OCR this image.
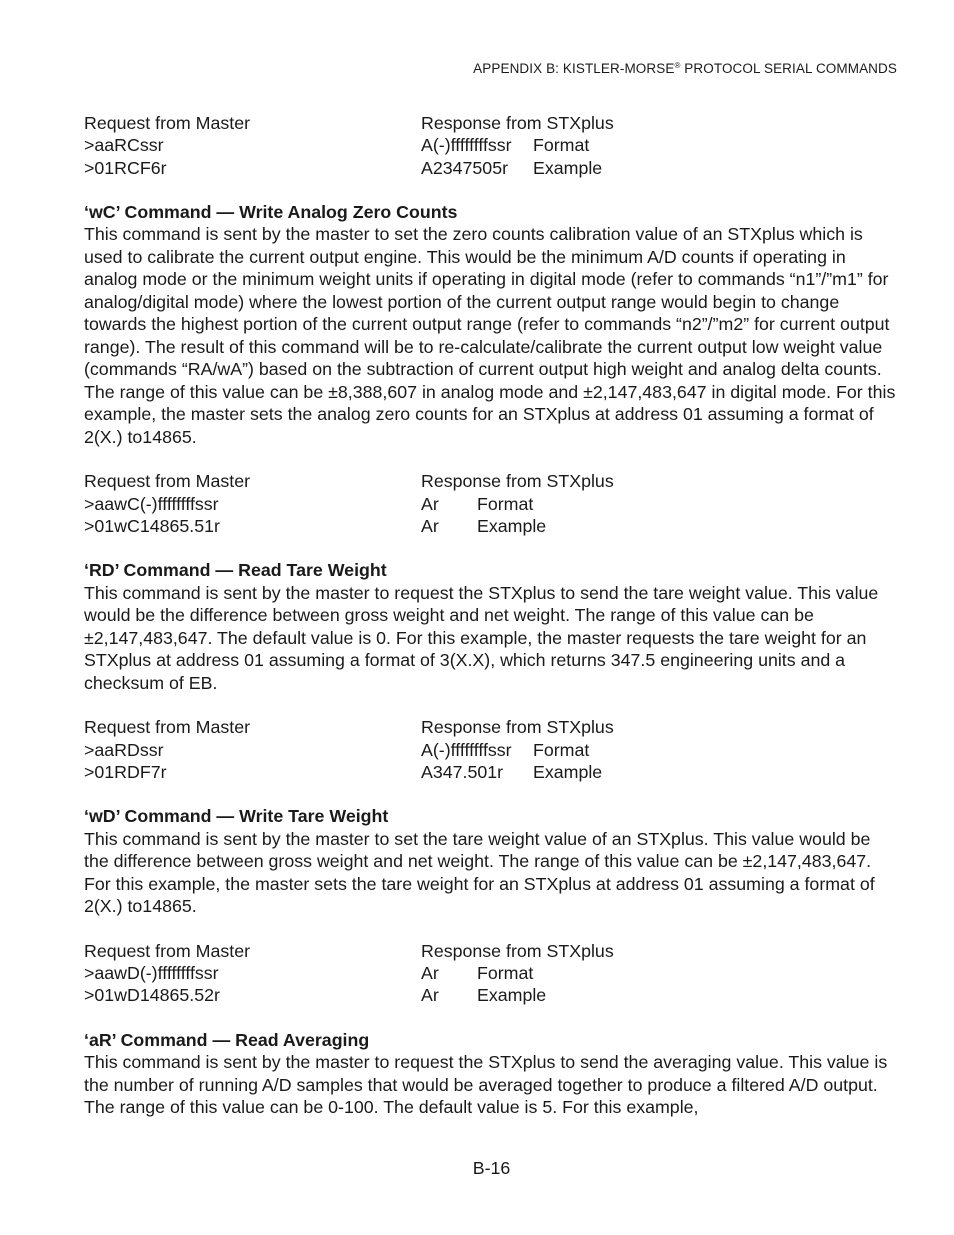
APPENDIX B: KISTLER-MORSE® PROTOCOL SERIAL COMMANDS
Request from Master	Response from STXplus
>aaRCssr	A(-)ffffffffssr	Format
>01RCF6r	A2347505r	Example
‘wC’ Command — Write Analog Zero Counts

This command is sent by the master to set the zero counts calibration value of an STXplus which is used to calibrate the current output engine. This would be the minimum A/D counts if operating in analog mode or the minimum weight units if operating in digital mode (refer to commands “n1”/”m1” for analog/digital mode) where the lowest portion of the current output range would begin to change towards the highest portion of the current output range (refer to commands “n2”/”m2” for current output range). The result of this command will be to re-calculate/calibrate the current output low weight value (commands “RA/wA”) based on the subtraction of current output high weight and analog delta counts. The range of this value can be ±8,388,607 in analog mode and ±2,147,483,647 in digital mode. For this example, the master sets the analog zero counts for an STXplus at address 01 assuming a format of 2(X.) to14865.

Request from Master	Response from STXplus
>aawC(-)ffffffffssr	Ar	Format
>01wC14865.51r	Ar	Example
‘RD’ Command — Read Tare Weight

This command is sent by the master to request the STXplus to send the tare weight value. This value would be the difference between gross weight and net weight. The range of this value can be ±2,147,483,647. The default value is 0. For this example, the master requests the tare weight for an STXplus at address 01 assuming a format of 3(X.X), which returns 347.5 engineering units and a checksum of EB.

Request from Master	Response from STXplus
>aaRDssr	A(-)ffffffffssr	Format
>01RDF7r	A347.501r	Example
‘wD’ Command — Write Tare Weight

This command is sent by the master to set the tare weight value of an STXplus. This value would be the difference between gross weight and net weight. The range of this value can be ±2,147,483,647. For this example, the master sets the tare weight for an STXplus at address 01 assuming a format of 2(X.) to14865.

Request from Master	Response from STXplus
>aawD(-)ffffffffssr	Ar	Format
>01wD14865.52r	Ar	Example
‘aR’ Command — Read Averaging

This command is sent by the master to request the STXplus to send the averaging value. This value is the number of running A/D samples that would be averaged together to produce a filtered A/D output. The range of this value can be 0-100. The default value is 5. For this example,

B-16
